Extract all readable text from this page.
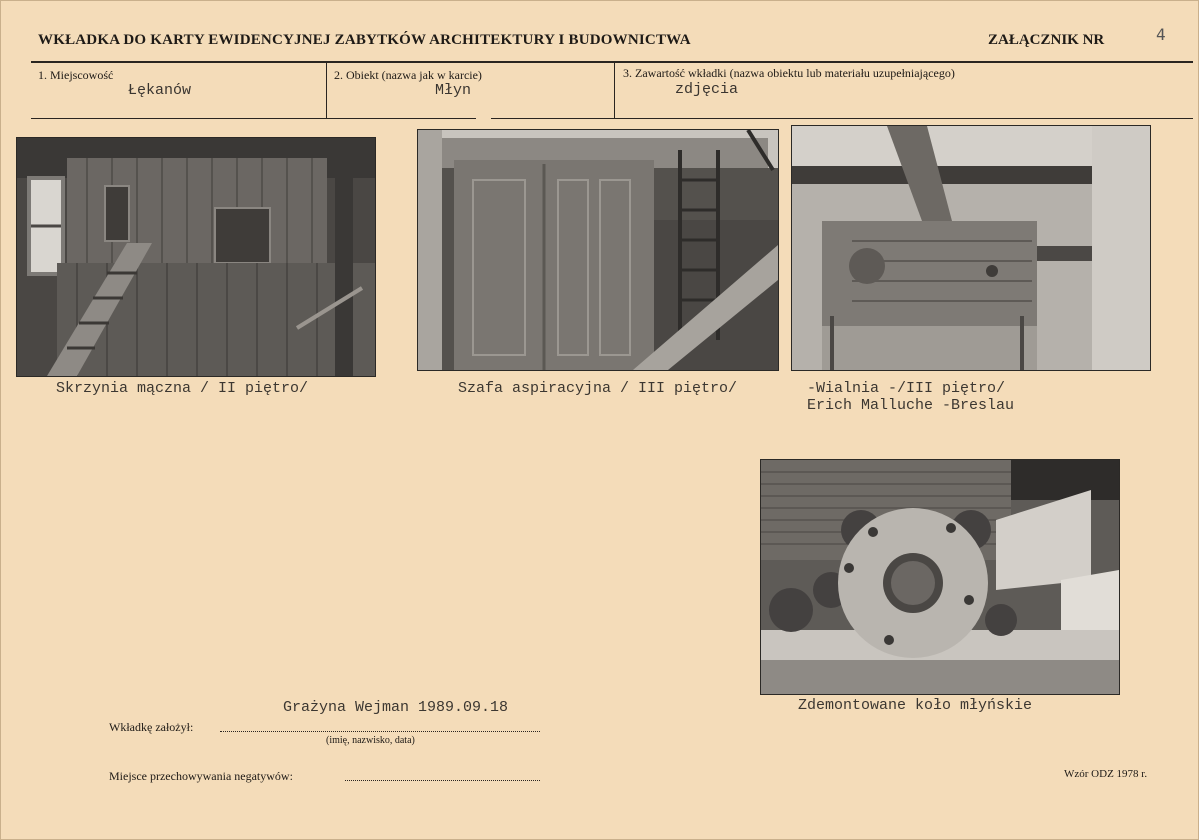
WKŁADKA DO KARTY EWIDENCYJNEJ ZABYTKÓW ARCHITEKTURY I BUDOWNICTWA	ZAŁĄCZNIK NR	4
1. Miejscowość
Łękanów
2. Obiekt (nazwa jak w karcie)
Młyn
3. Zawartość wkładki (nazwa obiektu lub materiału uzupełniającego)
zdjęcia
Skrzynia mączna / II piętro/	Szafa aspiracyjna / III piętro/	-Wialnia -/III piętro/
Erich Malluche -Breslau
Zdemontowane koło młyńskie
Grażyna Wejman 1989.09.18
Wkładkę założył:
(imię, nazwisko, data)
Miejsce przechowywania negatywów:	Wzór ODZ 1978 r.
